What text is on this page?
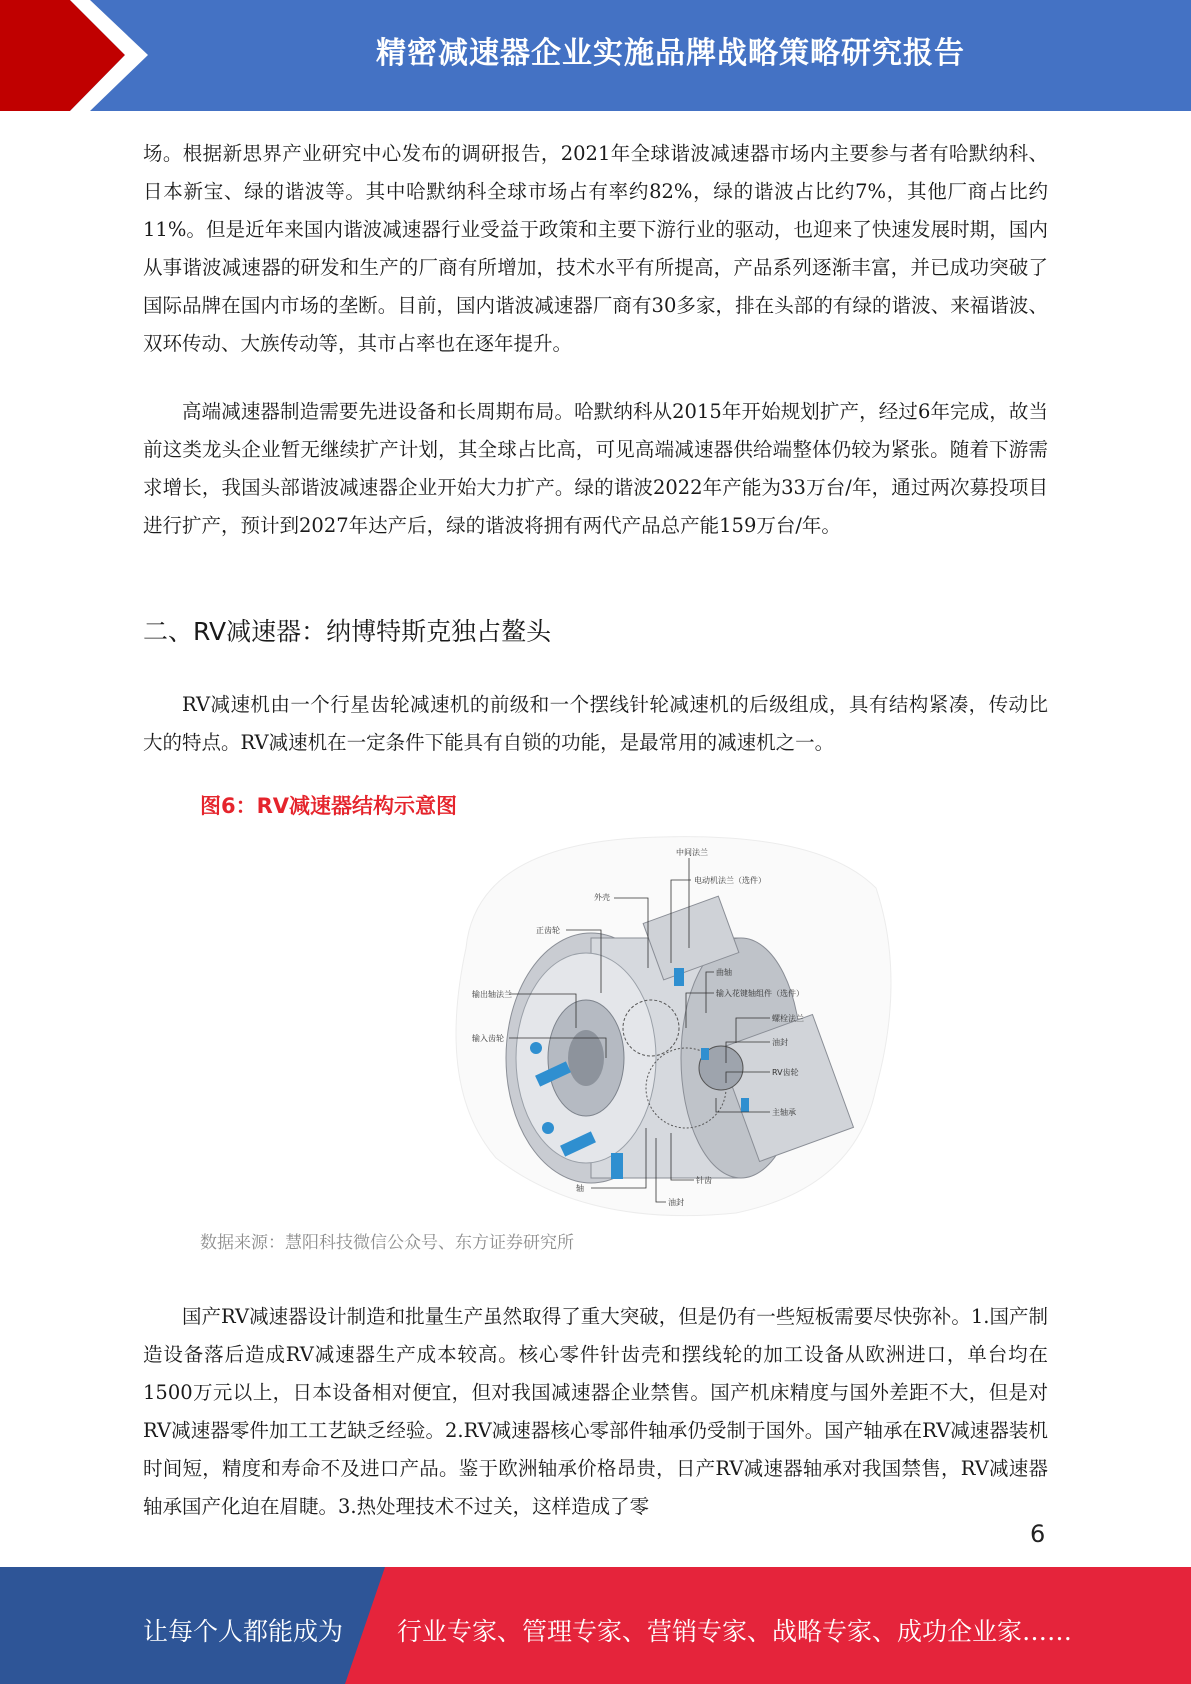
精密减速器企业实施品牌战略策略研究报告

场。根据新思界产业研究中心发布的调研报告，2021年全球谐波减速器市场内主要参与者有哈默纳科、日本新宝、绿的谐波等。其中哈默纳科全球市场占有率约82%，绿的谐波占比约7%，其他厂商占比约11%。但是近年来国内谐波减速器行业受益于政策和主要下游行业的驱动，也迎来了快速发展时期，国内从事谐波减速器的研发和生产的厂商有所增加，技术水平有所提高，产品系列逐渐丰富，并已成功突破了国际品牌在国内市场的垄断。目前，国内谐波减速器厂商有30多家，排在头部的有绿的谐波、来福谐波、双环传动、大族传动等，其市占率也在逐年提升。

高端减速器制造需要先进设备和长周期布局。哈默纳科从2015年开始规划扩产，经过6年完成，故当前这类龙头企业暂无继续扩产计划，其全球占比高，可见高端减速器供给端整体仍较为紧张。随着下游需求增长，我国头部谐波减速器企业开始大力扩产。绿的谐波2022年产能为33万台/年，通过两次募投项目进行扩产，预计到2027年达产后，绿的谐波将拥有两代产品总产能159万台/年。

二、RV减速器：纳博特斯克独占鳌头

RV减速机由一个行星齿轮减速机的前级和一个摆线针轮减速机的后级组成，具有结构紧凑，传动比大的特点。RV减速机在一定条件下能具有自锁的功能，是最常用的减速机之一。

图6：RV减速器结构示意图
中间法兰
外壳
电动机法兰（选件）
正齿轮
曲轴
输出轴法兰	输入花键轴组件（选件）
螺栓法兰
输入齿轮	油封
RV齿轮
主轴承
针齿
轴
油封
数据来源：慧阳科技微信公众号、东方证券研究所

国产RV减速器设计制造和批量生产虽然取得了重大突破，但是仍有一些短板需要尽快弥补。1.国产制造设备落后造成RV减速器生产成本较高。核心零件针齿壳和摆线轮的加工设备从欧洲进口，单台均在1500万元以上，日本设备相对便宜，但对我国减速器企业禁售。国产机床精度与国外差距不大，但是对RV减速器零件加工工艺缺乏经验。2.RV减速器核心零部件轴承仍受制于国外。国产轴承在RV减速器装机时间短，精度和寿命不及进口产品。鉴于欧洲轴承价格昂贵，日产RV减速器轴承对我国禁售，RV减速器轴承国产化迫在眉睫。3.热处理技术不过关，这样造成了零

6
让每个人都能成为 行业专家、管理专家、营销专家、战略专家、成功企业家……
